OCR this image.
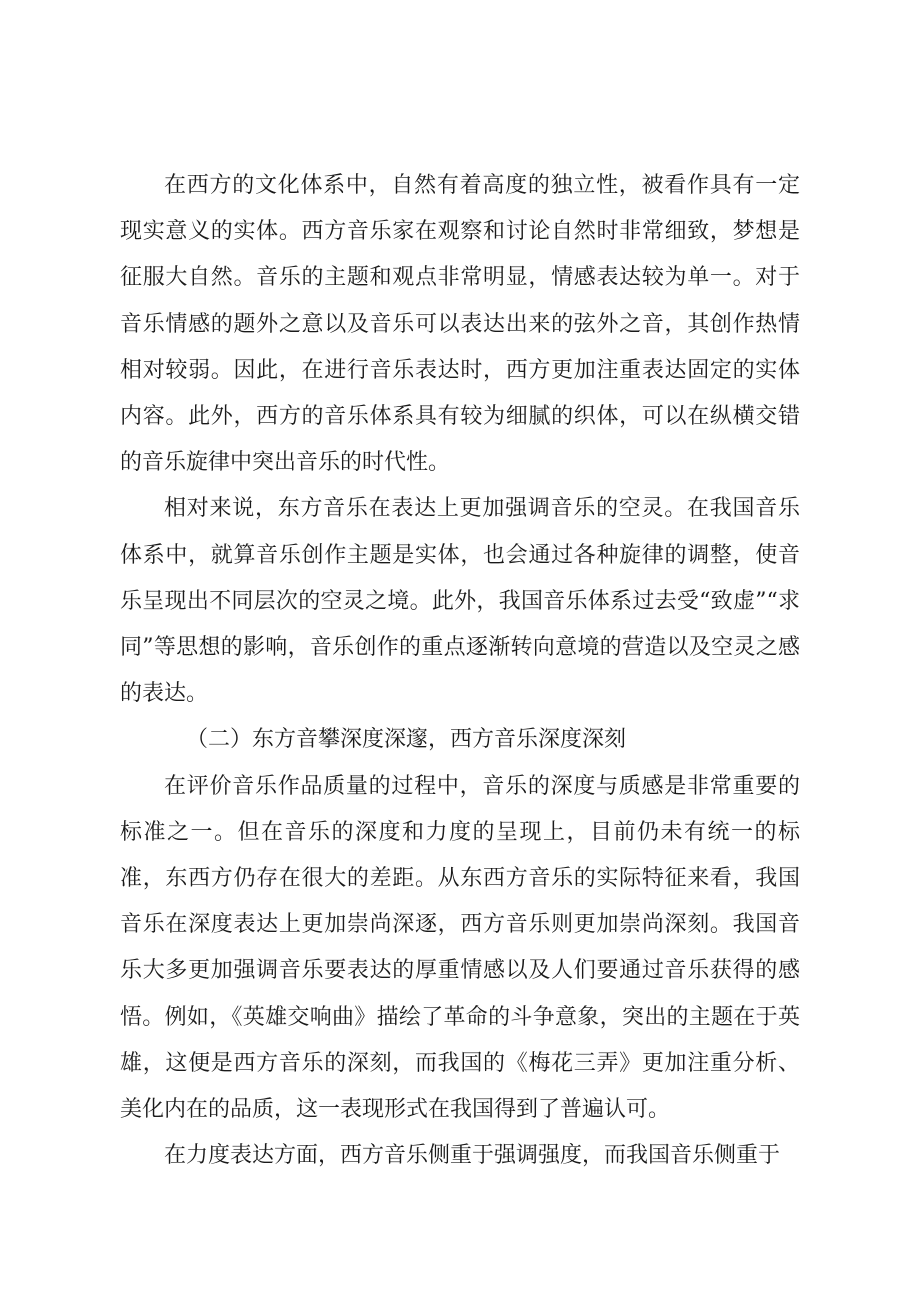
在西方的文化体系中，自然有着高度的独立性，被看作具有一定现实意义的实体。西方音乐家在观察和讨论自然时非常细致，梦想是征服大自然。音乐的主题和观点非常明显，情感表达较为单一。对于音乐情感的题外之意以及音乐可以表达出来的弦外之音，其创作热情相对较弱。因此，在进行音乐表达时，西方更加注重表达固定的实体内容。此外，西方的音乐体系具有较为细腻的织体，可以在纵横交错的音乐旋律中突出音乐的时代性。

相对来说，东方音乐在表达上更加强调音乐的空灵。在我国音乐体系中，就算音乐创作主题是实体，也会通过各种旋律的调整，使音乐呈现出不同层次的空灵之境。此外，我国音乐体系过去受“致虚”“求同”等思想的影响，音乐创作的重点逐渐转向意境的营造以及空灵之感的表达。

（二）东方音攀深度深邃，西方音乐深度深刻

在评价音乐作品质量的过程中，音乐的深度与质感是非常重要的标准之一。但在音乐的深度和力度的呈现上，目前仍未有统一的标准，东西方仍存在很大的差距。从东西方音乐的实际特征来看，我国音乐在深度表达上更加崇尚深逐，西方音乐则更加崇尚深刻。我国音乐大多更加强调音乐要表达的厚重情感以及人们要通过音乐获得的感悟。例如，《英雄交响曲》描绘了革命的斗争意象，突出的主题在于英雄，这便是西方音乐的深刻，而我国的《梅花三弄》更加注重分析、美化内在的品质，这一表现形式在我国得到了普遍认可。

在力度表达方面，西方音乐侧重于强调强度，而我国音乐侧重于
